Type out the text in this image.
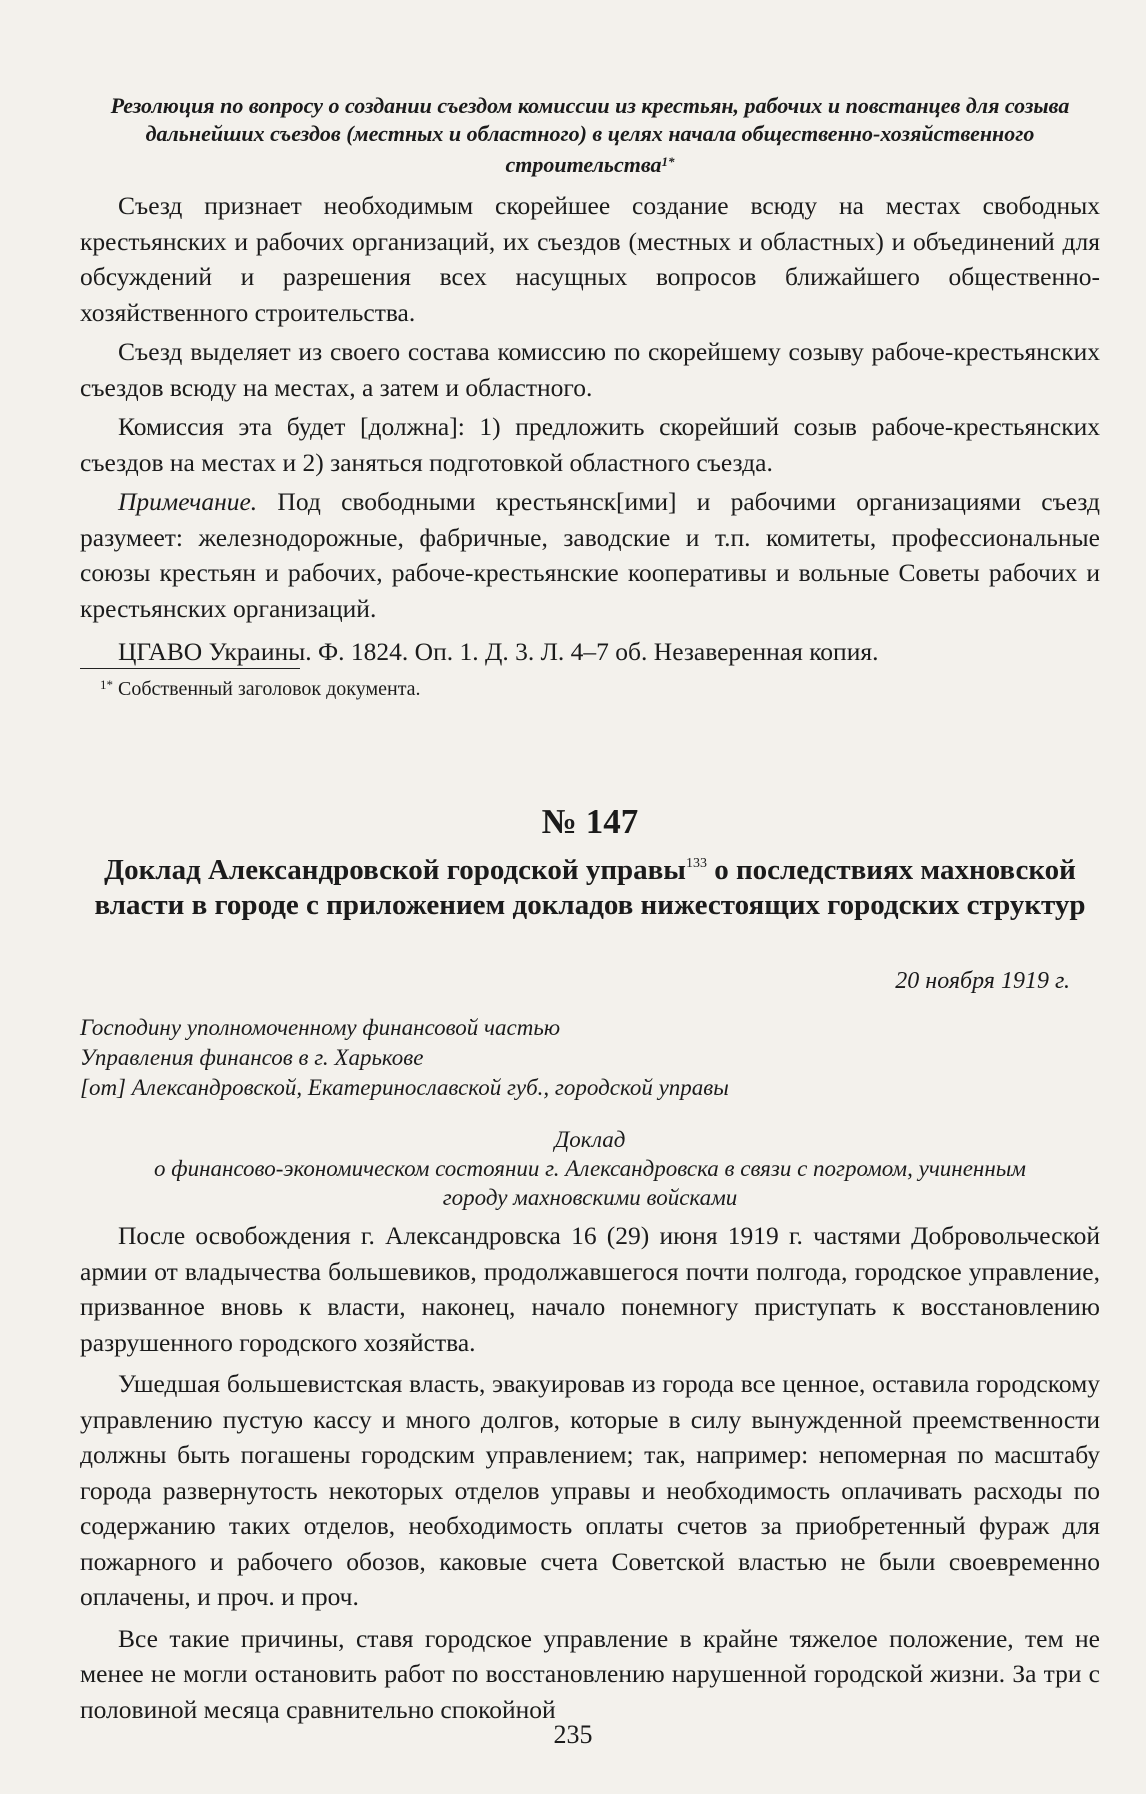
Резолюция по вопросу о создании съездом комиссии из крестьян, рабочих и повстанцев для созыва дальнейших съездов (местных и областного) в целях начала общественно-хозяйственного строительства$^{1*}$

Съезд признает необходимым скорейшее создание всюду на местах свободных крестьянских и рабочих организаций, их съездов (местных и областных) и объединений для обсуждений и разрешения всех насущных вопросов ближайшего общественно-хозяйственного строительства.

Съезд выделяет из своего состава комиссию по скорейшему созыву рабоче-крестьянских съездов всюду на местах, а затем и областного.

Комиссия эта будет [должна]: 1) предложить скорейший созыв рабоче-крестьянских съездов на местах и 2) заняться подготовкой областного съезда.

Примечание. Под свободными крестьянск[ими] и рабочими организациями съезд разумеет: железнодорожные, фабричные, заводские и т.п. комитеты, профессиональные союзы крестьян и рабочих, рабоче-крестьянские кооперативы и вольные Советы рабочих и крестьянских организаций.

ЦГАВО Украины. Ф. 1824. Оп. 1. Д. 3. Л. 4–7 об. Незаверенная копия.

$^{1*}$ Собственный заголовок документа.

№ 147

Доклад Александровской городской управы$^{133}$ о последствиях махновской власти в городе с приложением докладов нижестоящих городских структур

20 ноября 1919 г.

Господину уполномоченному финансовой частью

Управления финансов в г. Харькове

[от] Александровской, Екатеринославской губ., городской управы

Доклад

о финансово-экономическом состоянии г. Александровска в связи с погромом, учиненным городу махновскими войсками

После освобождения г. Александровска 16 (29) июня 1919 г. частями Добровольческой армии от владычества большевиков, продолжавшегося почти полгода, городское управление, призванное вновь к власти, наконец, начало понемногу приступать к восстановлению разрушенного городского хозяйства.

Ушедшая большевистская власть, эвакуировав из города все ценное, оставила городскому управлению пустую кассу и много долгов, которые в силу вынужденной преемственности должны быть погашены городским управлением; так, например: непомерная по масштабу города развернутость некоторых отделов управы и необходимость оплачивать расходы по содержанию таких отделов, необходимость оплаты счетов за приобретенный фураж для пожарного и рабочего обозов, каковые счета Советской властью не были своевременно оплачены, и проч. и проч.

Все такие причины, ставя городское управление в крайне тяжелое положение, тем не менее не могли остановить работ по восстановлению нарушенной городской жизни. За три с половиной месяца сравнительно спокойной

235
